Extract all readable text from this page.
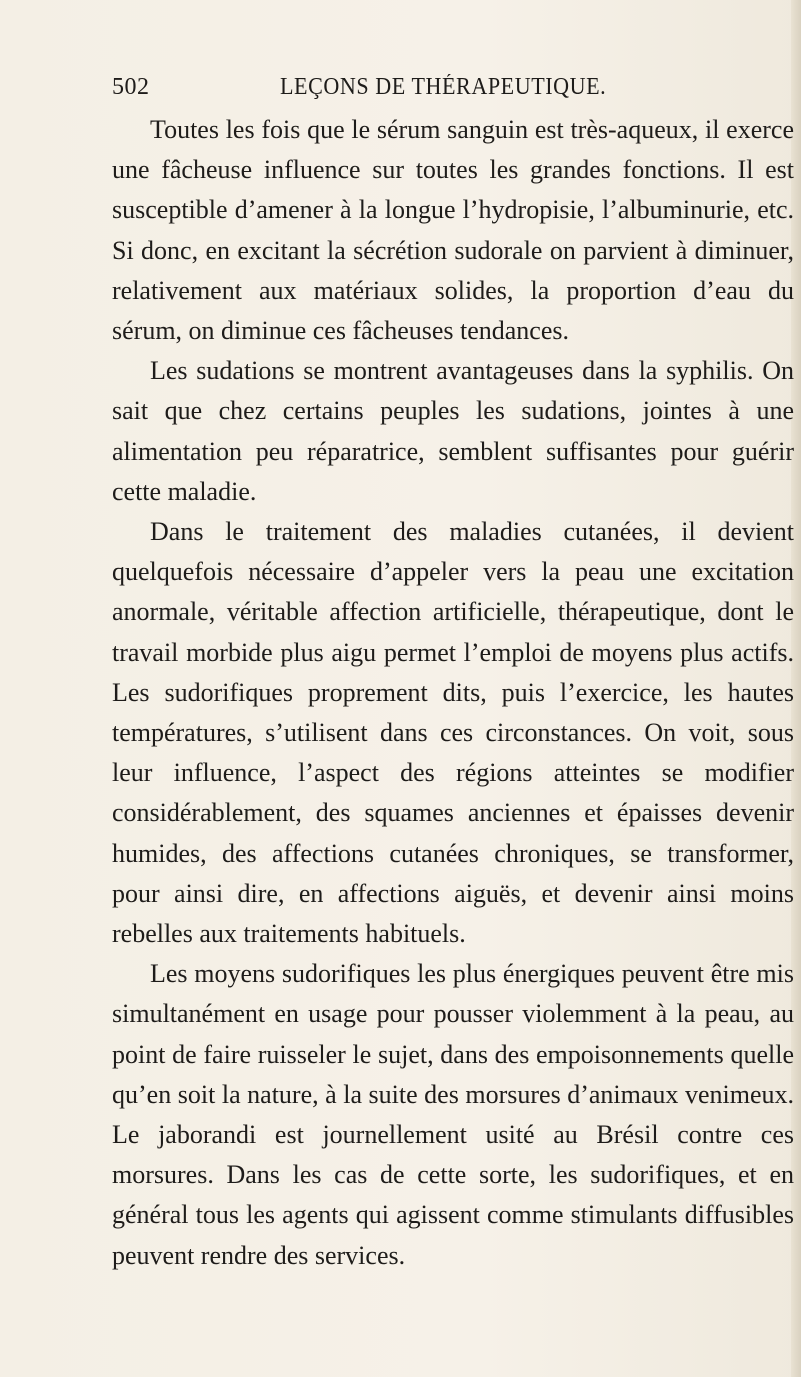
502	LEÇONS DE THÉRAPEUTIQUE.

Toutes les fois que le sérum sanguin est très-aqueux, il exerce une fâcheuse influence sur toutes les grandes fonctions. Il est susceptible d’amener à la longue l’hydropisie, l’albuminurie, etc. Si donc, en excitant la sécrétion sudorale on parvient à diminuer, relativement aux matériaux solides, la proportion d’eau du sérum, on diminue ces fâcheuses tendances.

Les sudations se montrent avantageuses dans la syphilis. On sait que chez certains peuples les sudations, jointes à une alimentation peu réparatrice, semblent suffisantes pour guérir cette maladie.

Dans le traitement des maladies cutanées, il devient quelquefois nécessaire d’appeler vers la peau une excitation anormale, véritable affection artificielle, thérapeutique, dont le travail morbide plus aigu permet l’emploi de moyens plus actifs. Les sudorifiques proprement dits, puis l’exercice, les hautes températures, s’utilisent dans ces circonstances. On voit, sous leur influence, l’aspect des régions atteintes se modifier considérablement, des squames anciennes et épaisses devenir humides, des affections cutanées chroniques, se transformer, pour ainsi dire, en affections aiguës, et devenir ainsi moins rebelles aux traitements habituels.

Les moyens sudorifiques les plus énergiques peuvent être mis simultanément en usage pour pousser violemment à la peau, au point de faire ruisseler le sujet, dans des empoisonnements quelle qu’en soit la nature, à la suite des morsures d’animaux venimeux. Le jaborandi est journellement usité au Brésil contre ces morsures. Dans les cas de cette sorte, les sudorifiques, et en général tous les agents qui agissent comme stimulants diffusibles peuvent rendre des services.
